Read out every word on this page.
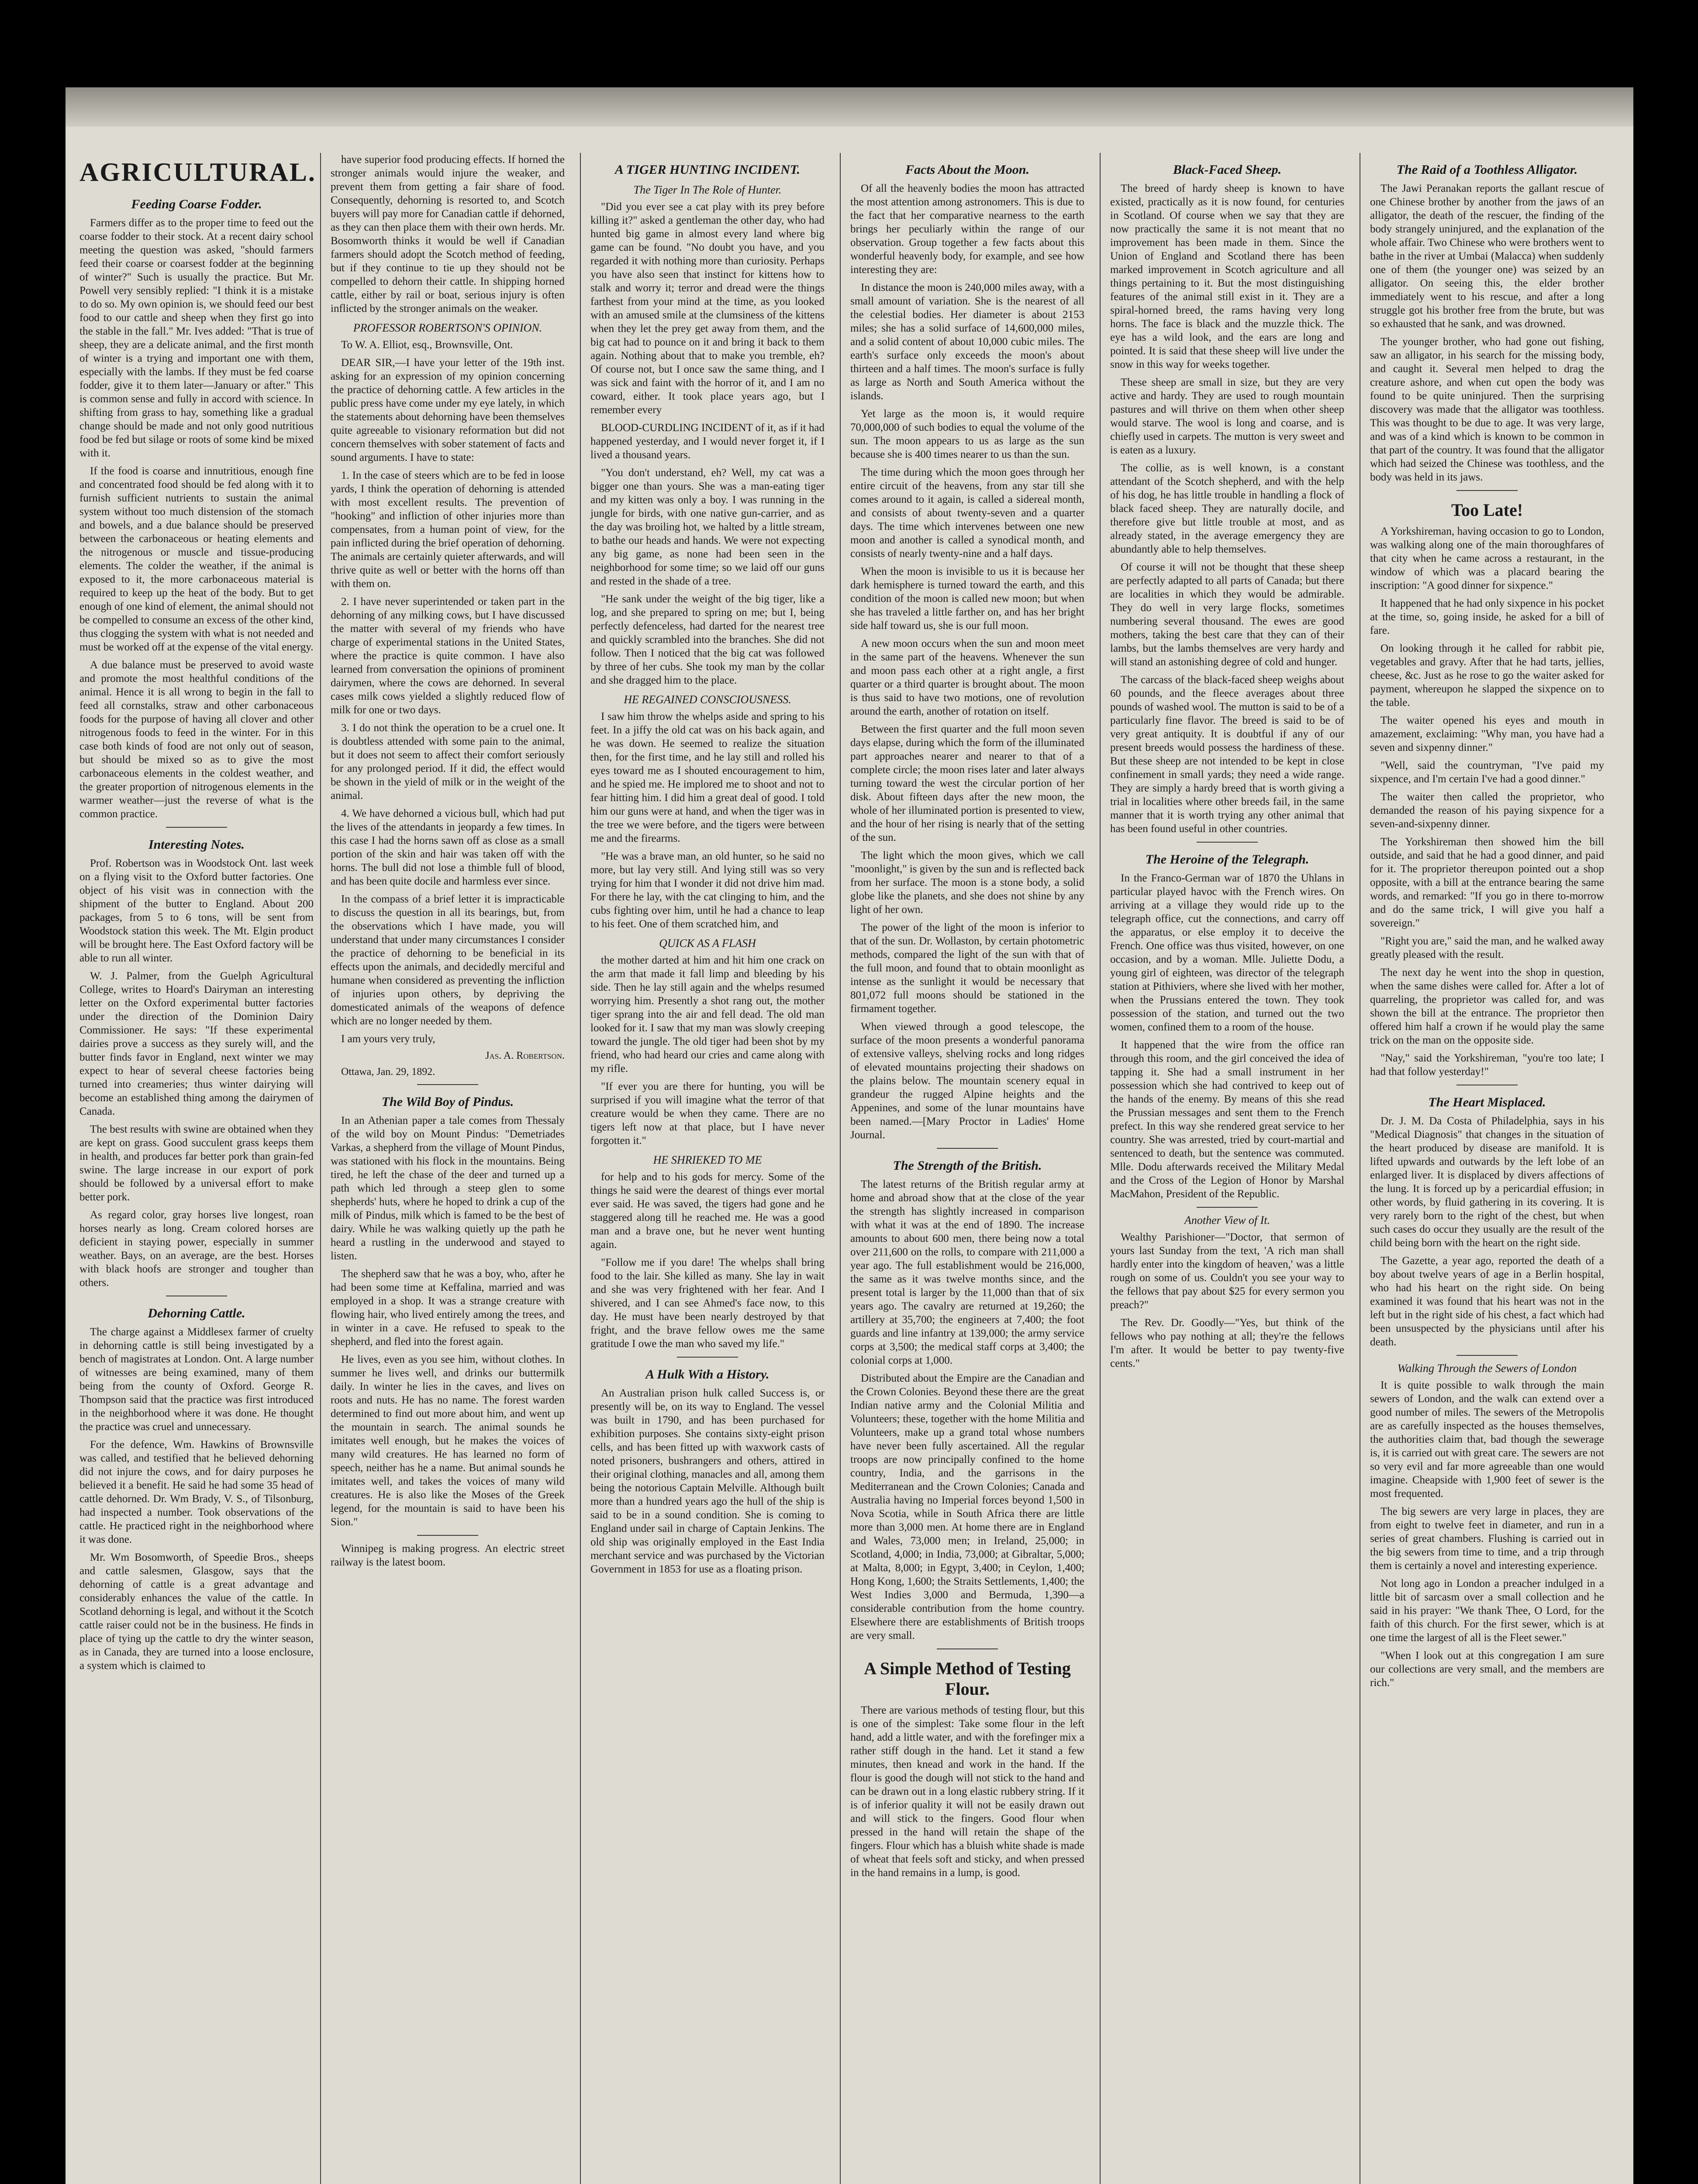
AGRICULTURAL.
Feeding Coarse Fodder.

Farmers differ as to the proper time to feed out the coarse fodder to their stock. At a recent dairy school meeting the question was asked, "should farmers feed their coarse or coarsest fodder at the beginning of winter?" Such is usually the practice. But Mr. Powell very sensibly replied: "I think it is a mistake to do so. My own opinion is, we should feed our best food to our cattle and sheep when they first go into the stable in the fall." Mr. Ives added: "That is true of sheep, they are a delicate animal, and the first month of winter is a trying and important one with them, especially with the lambs. If they must be fed coarse fodder, give it to them later—January or after." This is common sense and fully in accord with science. In shifting from grass to hay, something like a gradual change should be made and not only good nutritious food be fed but silage or roots of some kind be mixed with it.

If the food is coarse and innutritious, enough fine and concentrated food should be fed along with it to furnish sufficient nutrients to sustain the animal system without too much distension of the stomach and bowels, and a due balance should be preserved between the carbonaceous or heating elements and the nitrogenous or muscle and tissue-producing elements. The colder the weather, if the animal is exposed to it, the more carbonaceous material is required to keep up the heat of the body. But to get enough of one kind of element, the animal should not be compelled to consume an excess of the other kind, thus clogging the system with what is not needed and must be worked off at the expense of the vital energy.

A due balance must be preserved to avoid waste and promote the most healthful conditions of the animal. Hence it is all wrong to begin in the fall to feed all cornstalks, straw and other carbonaceous foods for the purpose of having all clover and other nitrogenous foods to feed in the winter. For in this case both kinds of food are not only out of season, but should be mixed so as to give the most carbonaceous elements in the coldest weather, and the greater proportion of nitrogenous elements in the warmer weather—just the reverse of what is the common practice.

Interesting Notes.

Prof. Robertson was in Woodstock Ont. last week on a flying visit to the Oxford butter factories. One object of his visit was in connection with the shipment of the butter to England. About 200 packages, from 5 to 6 tons, will be sent from Woodstock station this week. The Mt. Elgin product will be brought here. The East Oxford factory will be able to run all winter.

W. J. Palmer, from the Guelph Agricultural College, writes to Hoard's Dairyman an interesting letter on the Oxford experimental butter factories under the direction of the Dominion Dairy Commissioner. He says: "If these experimental dairies prove a success as they surely will, and the butter finds favor in England, next winter we may expect to hear of several cheese factories being turned into creameries; thus winter dairying will become an established thing among the dairymen of Canada.

The best results with swine are obtained when they are kept on grass. Good succulent grass keeps them in health, and produces far better pork than grain-fed swine. The large increase in our export of pork should be followed by a universal effort to make better pork.

As regard color, gray horses live longest, roan horses nearly as long. Cream colored horses are deficient in staying power, especially in summer weather. Bays, on an average, are the best. Horses with black hoofs are stronger and tougher than others.

Dehorning Cattle.

The charge against a Middlesex farmer of cruelty in dehorning cattle is still being investigated by a bench of magistrates at London. Ont. A large number of witnesses are being examined, many of them being from the county of Oxford. George R. Thompson said that the practice was first introduced in the neighborhood where it was done. He thought the practice was cruel and unnecessary.

For the defence, Wm. Hawkins of Brownsville was called, and testified that he believed dehorning did not injure the cows, and for dairy purposes he believed it a benefit. He said he had some 35 head of cattle dehorned. Dr. Wm Brady, V. S., of Tilsonburg, had inspected a number. Took observations of the cattle. He practiced right in the neighborhood where it was done.

Mr. Wm Bosomworth, of Speedie Bros., sheeps and cattle salesmen, Glasgow, says that the dehorning of cattle is a great advantage and considerably enhances the value of the cattle. In Scotland dehorning is legal, and without it the Scotch cattle raiser could not be in the business. He finds in place of tying up the cattle to dry the winter season, as in Canada, they are turned into a loose enclosure, a system which is claimed to

have superior food producing effects. If horned the stronger animals would injure the weaker, and prevent them from getting a fair share of food. Consequently, dehorning is resorted to, and Scotch buyers will pay more for Canadian cattle if dehorned, as they can then place them with their own herds. Mr. Bosomworth thinks it would be well if Canadian farmers should adopt the Scotch method of feeding, but if they continue to tie up they should not be compelled to dehorn their cattle. In shipping horned cattle, either by rail or boat, serious injury is often inflicted by the stronger animals on the weaker.

PROFESSOR ROBERTSON'S OPINION.

To W. A. Elliot, esq., Brownsville, Ont.

DEAR SIR,—I have your letter of the 19th inst. asking for an expression of my opinion concerning the practice of dehorning cattle. A few articles in the public press have come under my eye lately, in which the statements about dehorning have been themselves quite agreeable to visionary reformation but did not concern themselves with sober statement of facts and sound arguments. I have to state:

1. In the case of steers which are to be fed in loose yards, I think the operation of dehorning is attended with most excellent results. The prevention of "hooking" and infliction of other injuries more than compensates, from a human point of view, for the pain inflicted during the brief operation of dehorning. The animals are certainly quieter afterwards, and will thrive quite as well or better with the horns off than with them on.

2. I have never superintended or taken part in the dehorning of any milking cows, but I have discussed the matter with several of my friends who have charge of experimental stations in the United States, where the practice is quite common. I have also learned from conversation the opinions of prominent dairymen, where the cows are dehorned. In several cases milk cows yielded a slightly reduced flow of milk for one or two days.

3. I do not think the operation to be a cruel one. It is doubtless attended with some pain to the animal, but it does not seem to affect their comfort seriously for any prolonged period. If it did, the effect would be shown in the yield of milk or in the weight of the animal.

4. We have dehorned a vicious bull, which had put the lives of the attendants in jeopardy a few times. In this case I had the horns sawn off as close as a small portion of the skin and hair was taken off with the horns. The bull did not lose a thimble full of blood, and has been quite docile and harmless ever since.

In the compass of a brief letter it is impracticable to discuss the question in all its bearings, but, from the observations which I have made, you will understand that under many circumstances I consider the practice of dehorning to be beneficial in its effects upon the animals, and decidedly merciful and humane when considered as preventing the infliction of injuries upon others, by depriving the domesticated animals of the weapons of defence which are no longer needed by them.

I am yours very truly,

Jas. A. Robertson.
Ottawa, Jan. 29, 1892.
The Wild Boy of Pindus.

In an Athenian paper a tale comes from Thessaly of the wild boy on Mount Pindus: "Demetriades Varkas, a shepherd from the village of Mount Pindus, was stationed with his flock in the mountains. Being tired, he left the chase of the deer and turned up a path which led through a steep glen to some shepherds' huts, where he hoped to drink a cup of the milk of Pindus, milk which is famed to be the best of dairy. While he was walking quietly up the path he heard a rustling in the underwood and stayed to listen.

The shepherd saw that he was a boy, who, after he had been some time at Keffalina, married and was employed in a shop. It was a strange creature with flowing hair, who lived entirely among the trees, and in winter in a cave. He refused to speak to the shepherd, and fled into the forest again.

He lives, even as you see him, without clothes. In summer he lives well, and drinks our buttermilk daily. In winter he lies in the caves, and lives on roots and nuts. He has no name. The forest warden determined to find out more about him, and went up the mountain in search. The animal sounds he imitates well enough, but he makes the voices of many wild creatures. He has learned no form of speech, neither has he a name. But animal sounds he imitates well, and takes the voices of many wild creatures. He is also like the Moses of the Greek legend, for the mountain is said to have been his Sion."

Winnipeg is making progress. An electric street railway is the latest boom.

A TIGER HUNTING INCIDENT.
The Tiger In The Role of Hunter.

"Did you ever see a cat play with its prey before killing it?" asked a gentleman the other day, who had hunted big game in almost every land where big game can be found. "No doubt you have, and you regarded it with nothing more than curiosity. Perhaps you have also seen that instinct for kittens how to stalk and worry it; terror and dread were the things farthest from your mind at the time, as you looked with an amused smile at the clumsiness of the kittens when they let the prey get away from them, and the big cat had to pounce on it and bring it back to them again. Nothing about that to make you tremble, eh? Of course not, but I once saw the same thing, and I was sick and faint with the horror of it, and I am no coward, either. It took place years ago, but I remember every

BLOOD-CURDLING INCIDENT of it, as if it had happened yesterday, and I would never forget it, if I lived a thousand years.

"You don't understand, eh? Well, my cat was a bigger one than yours. She was a man-eating tiger and my kitten was only a boy. I was running in the jungle for birds, with one native gun-carrier, and as the day was broiling hot, we halted by a little stream, to bathe our heads and hands. We were not expecting any big game, as none had been seen in the neighborhood for some time; so we laid off our guns and rested in the shade of a tree.

"He sank under the weight of the big tiger, like a log, and she prepared to spring on me; but I, being perfectly defenceless, had darted for the nearest tree and quickly scrambled into the branches. She did not follow. Then I noticed that the big cat was followed by three of her cubs. She took my man by the collar and she dragged him to the place.

HE REGAINED CONSCIOUSNESS.

I saw him throw the whelps aside and spring to his feet. In a jiffy the old cat was on his back again, and he was down. He seemed to realize the situation then, for the first time, and he lay still and rolled his eyes toward me as I shouted encouragement to him, and he spied me. He implored me to shoot and not to fear hitting him. I did him a great deal of good. I told him our guns were at hand, and when the tiger was in the tree we were before, and the tigers were between me and the firearms.

"He was a brave man, an old hunter, so he said no more, but lay very still. And lying still was so very trying for him that I wonder it did not drive him mad. For there he lay, with the cat clinging to him, and the cubs fighting over him, until he had a chance to leap to his feet. One of them scratched him, and

QUICK AS A FLASH

the mother darted at him and hit him one crack on the arm that made it fall limp and bleeding by his side. Then he lay still again and the whelps resumed worrying him. Presently a shot rang out, the mother tiger sprang into the air and fell dead. The old man looked for it. I saw that my man was slowly creeping toward the jungle. The old tiger had been shot by my friend, who had heard our cries and came along with my rifle.

"If ever you are there for hunting, you will be surprised if you will imagine what the terror of that creature would be when they came. There are no tigers left now at that place, but I have never forgotten it."

HE SHRIEKED TO ME

for help and to his gods for mercy. Some of the things he said were the dearest of things ever mortal ever said. He was saved, the tigers had gone and he staggered along till he reached me. He was a good man and a brave one, but he never went hunting again.

"Follow me if you dare! The whelps shall bring food to the lair. She killed as many. She lay in wait and she was very frightened with her fear. And I shivered, and I can see Ahmed's face now, to this day. He must have been nearly destroyed by that fright, and the brave fellow owes me the same gratitude I owe the man who saved my life."

A Hulk With a History.

An Australian prison hulk called Success is, or presently will be, on its way to England. The vessel was built in 1790, and has been purchased for exhibition purposes. She contains sixty-eight prison cells, and has been fitted up with waxwork casts of noted prisoners, bushrangers and others, attired in their original clothing, manacles and all, among them being the notorious Captain Melville. Although built more than a hundred years ago the hull of the ship is said to be in a sound condition. She is coming to England under sail in charge of Captain Jenkins. The old ship was originally employed in the East India merchant service and was purchased by the Victorian Government in 1853 for use as a floating prison.

Facts About the Moon.

Of all the heavenly bodies the moon has attracted the most attention among astronomers. This is due to the fact that her comparative nearness to the earth brings her peculiarly within the range of our observation. Group together a few facts about this wonderful heavenly body, for example, and see how interesting they are:

In distance the moon is 240,000 miles away, with a small amount of variation. She is the nearest of all the celestial bodies. Her diameter is about 2153 miles; she has a solid surface of 14,600,000 miles, and a solid content of about 10,000 cubic miles. The earth's surface only exceeds the moon's about thirteen and a half times. The moon's surface is fully as large as North and South America without the islands.

Yet large as the moon is, it would require 70,000,000 of such bodies to equal the volume of the sun. The moon appears to us as large as the sun because she is 400 times nearer to us than the sun.

The time during which the moon goes through her entire circuit of the heavens, from any star till she comes around to it again, is called a sidereal month, and consists of about twenty-seven and a quarter days. The time which intervenes between one new moon and another is called a synodical month, and consists of nearly twenty-nine and a half days.

When the moon is invisible to us it is because her dark hemisphere is turned toward the earth, and this condition of the moon is called new moon; but when she has traveled a little farther on, and has her bright side half toward us, she is our full moon.

A new moon occurs when the sun and moon meet in the same part of the heavens. Whenever the sun and moon pass each other at a right angle, a first quarter or a third quarter is brought about. The moon is thus said to have two motions, one of revolution around the earth, another of rotation on itself.

Between the first quarter and the full moon seven days elapse, during which the form of the illuminated part approaches nearer and nearer to that of a complete circle; the moon rises later and later always turning toward the west the circular portion of her disk. About fifteen days after the new moon, the whole of her illuminated portion is presented to view, and the hour of her rising is nearly that of the setting of the sun.

The light which the moon gives, which we call "moonlight," is given by the sun and is reflected back from her surface. The moon is a stone body, a solid globe like the planets, and she does not shine by any light of her own.

The power of the light of the moon is inferior to that of the sun. Dr. Wollaston, by certain photometric methods, compared the light of the sun with that of the full moon, and found that to obtain moonlight as intense as the sunlight it would be necessary that 801,072 full moons should be stationed in the firmament together.

When viewed through a good telescope, the surface of the moon presents a wonderful panorama of extensive valleys, shelving rocks and long ridges of elevated mountains projecting their shadows on the plains below. The mountain scenery equal in grandeur the rugged Alpine heights and the Appenines, and some of the lunar mountains have been named.—[Mary Proctor in Ladies' Home Journal.

The Strength of the British.

The latest returns of the British regular army at home and abroad show that at the close of the year the strength has slightly increased in comparison with what it was at the end of 1890. The increase amounts to about 600 men, there being now a total over 211,600 on the rolls, to compare with 211,000 a year ago. The full establishment would be 216,000, the same as it was twelve months since, and the present total is larger by the 11,000 than that of six years ago. The cavalry are returned at 19,260; the artillery at 35,700; the engineers at 7,400; the foot guards and line infantry at 139,000; the army service corps at 3,500; the medical staff corps at 3,400; the colonial corps at 1,000.

Distributed about the Empire are the Canadian and the Crown Colonies. Beyond these there are the great Indian native army and the Colonial Militia and Volunteers; these, together with the home Militia and Volunteers, make up a grand total whose numbers have never been fully ascertained. All the regular troops are now principally confined to the home country, India, and the garrisons in the Mediterranean and the Crown Colonies; Canada and Australia having no Imperial forces beyond 1,500 in Nova Scotia, while in South Africa there are little more than 3,000 men. At home there are in England and Wales, 73,000 men; in Ireland, 25,000; in Scotland, 4,000; in India, 73,000; at Gibraltar, 5,000; at Malta, 8,000; in Egypt, 3,400; in Ceylon, 1,400; Hong Kong, 1,600; the Straits Settlements, 1,400; the West Indies 3,000 and Bermuda, 1,390—a considerable contribution from the home country. Elsewhere there are establishments of British troops are very small.

A Simple Method of Testing Flour.

There are various methods of testing flour, but this is one of the simplest: Take some flour in the left hand, add a little water, and with the forefinger mix a rather stiff dough in the hand. Let it stand a few minutes, then knead and work in the hand. If the flour is good the dough will not stick to the hand and can be drawn out in a long elastic rubbery string. If it is of inferior quality it will not be easily drawn out and will stick to the fingers. Good flour when pressed in the hand will retain the shape of the fingers. Flour which has a bluish white shade is made of wheat that feels soft and sticky, and when pressed in the hand remains in a lump, is good.

Black-Faced Sheep.

The breed of hardy sheep is known to have existed, practically as it is now found, for centuries in Scotland. Of course when we say that they are now practically the same it is not meant that no improvement has been made in them. Since the Union of England and Scotland there has been marked improvement in Scotch agriculture and all things pertaining to it. But the most distinguishing features of the animal still exist in it. They are a spiral-horned breed, the rams having very long horns. The face is black and the muzzle thick. The eye has a wild look, and the ears are long and pointed. It is said that these sheep will live under the snow in this way for weeks together.

These sheep are small in size, but they are very active and hardy. They are used to rough mountain pastures and will thrive on them when other sheep would starve. The wool is long and coarse, and is chiefly used in carpets. The mutton is very sweet and is eaten as a luxury.

The collie, as is well known, is a constant attendant of the Scotch shepherd, and with the help of his dog, he has little trouble in handling a flock of black faced sheep. They are naturally docile, and therefore give but little trouble at most, and as already stated, in the average emergency they are abundantly able to help themselves.

Of course it will not be thought that these sheep are perfectly adapted to all parts of Canada; but there are localities in which they would be admirable. They do well in very large flocks, sometimes numbering several thousand. The ewes are good mothers, taking the best care that they can of their lambs, but the lambs themselves are very hardy and will stand an astonishing degree of cold and hunger.

The carcass of the black-faced sheep weighs about 60 pounds, and the fleece averages about three pounds of washed wool. The mutton is said to be of a particularly fine flavor. The breed is said to be of very great antiquity. It is doubtful if any of our present breeds would possess the hardiness of these. But these sheep are not intended to be kept in close confinement in small yards; they need a wide range. They are simply a hardy breed that is worth giving a trial in localities where other breeds fail, in the same manner that it is worth trying any other animal that has been found useful in other countries.

The Heroine of the Telegraph.

In the Franco-German war of 1870 the Uhlans in particular played havoc with the French wires. On arriving at a village they would ride up to the telegraph office, cut the connections, and carry off the apparatus, or else employ it to deceive the French. One office was thus visited, however, on one occasion, and by a woman. Mlle. Juliette Dodu, a young girl of eighteen, was director of the telegraph station at Pithiviers, where she lived with her mother, when the Prussians entered the town. They took possession of the station, and turned out the two women, confined them to a room of the house.

It happened that the wire from the office ran through this room, and the girl conceived the idea of tapping it. She had a small instrument in her possession which she had contrived to keep out of the hands of the enemy. By means of this she read the Prussian messages and sent them to the French prefect. In this way she rendered great service to her country. She was arrested, tried by court-martial and sentenced to death, but the sentence was commuted. Mlle. Dodu afterwards received the Military Medal and the Cross of the Legion of Honor by Marshal MacMahon, President of the Republic.

Another View of It.

Wealthy Parishioner—"Doctor, that sermon of yours last Sunday from the text, 'A rich man shall hardly enter into the kingdom of heaven,' was a little rough on some of us. Couldn't you see your way to the fellows that pay about $25 for every sermon you preach?"

The Rev. Dr. Goodly—"Yes, but think of the fellows who pay nothing at all; they're the fellows I'm after. It would be better to pay twenty-five cents."

The Raid of a Toothless Alligator.

The Jawi Peranakan reports the gallant rescue of one Chinese brother by another from the jaws of an alligator, the death of the rescuer, the finding of the body strangely uninjured, and the explanation of the whole affair. Two Chinese who were brothers went to bathe in the river at Umbai (Malacca) when suddenly one of them (the younger one) was seized by an alligator. On seeing this, the elder brother immediately went to his rescue, and after a long struggle got his brother free from the brute, but was so exhausted that he sank, and was drowned.

The younger brother, who had gone out fishing, saw an alligator, in his search for the missing body, and caught it. Several men helped to drag the creature ashore, and when cut open the body was found to be quite uninjured. Then the surprising discovery was made that the alligator was toothless. This was thought to be due to age. It was very large, and was of a kind which is known to be common in that part of the country. It was found that the alligator which had seized the Chinese was toothless, and the body was held in its jaws.

Too Late!

A Yorkshireman, having occasion to go to London, was walking along one of the main thoroughfares of that city when he came across a restaurant, in the window of which was a placard bearing the inscription: "A good dinner for sixpence."

It happened that he had only sixpence in his pocket at the time, so, going inside, he asked for a bill of fare.

On looking through it he called for rabbit pie, vegetables and gravy. After that he had tarts, jellies, cheese, &c. Just as he rose to go the waiter asked for payment, whereupon he slapped the sixpence on to the table.

The waiter opened his eyes and mouth in amazement, exclaiming: "Why man, you have had a seven and sixpenny dinner."

"Well, said the countryman, "I've paid my sixpence, and I'm certain I've had a good dinner."

The waiter then called the proprietor, who demanded the reason of his paying sixpence for a seven-and-sixpenny dinner.

The Yorkshireman then showed him the bill outside, and said that he had a good dinner, and paid for it. The proprietor thereupon pointed out a shop opposite, with a bill at the entrance bearing the same words, and remarked: "If you go in there to-morrow and do the same trick, I will give you half a sovereign."

"Right you are," said the man, and he walked away greatly pleased with the result.

The next day he went into the shop in question, when the same dishes were called for. After a lot of quarreling, the proprietor was called for, and was shown the bill at the entrance. The proprietor then offered him half a crown if he would play the same trick on the man on the opposite side.

"Nay," said the Yorkshireman, "you're too late; I had that follow yesterday!"

The Heart Misplaced.

Dr. J. M. Da Costa of Philadelphia, says in his "Medical Diagnosis" that changes in the situation of the heart produced by disease are manifold. It is lifted upwards and outwards by the left lobe of an enlarged liver. It is displaced by divers affections of the lung. It is forced up by a pericardial effusion; in other words, by fluid gathering in its covering. It is very rarely born to the right of the chest, but when such cases do occur they usually are the result of the child being born with the heart on the right side.

The Gazette, a year ago, reported the death of a boy about twelve years of age in a Berlin hospital, who had his heart on the right side. On being examined it was found that his heart was not in the left but in the right side of his chest, a fact which had been unsuspected by the physicians until after his death.

Walking Through the Sewers of London

It is quite possible to walk through the main sewers of London, and the walk can extend over a good number of miles. The sewers of the Metropolis are as carefully inspected as the houses themselves, the authorities claim that, bad though the sewerage is, it is carried out with great care. The sewers are not so very evil and far more agreeable than one would imagine. Cheapside with 1,900 feet of sewer is the most frequented.

The big sewers are very large in places, they are from eight to twelve feet in diameter, and run in a series of great chambers. Flushing is carried out in the big sewers from time to time, and a trip through them is certainly a novel and interesting experience.

Not long ago in London a preacher indulged in a little bit of sarcasm over a small collection and he said in his prayer: "We thank Thee, O Lord, for the faith of this church. For the first sewer, which is at one time the largest of all is the Fleet sewer."

"When I look out at this congregation I am sure our collections are very small, and the members are rich."
